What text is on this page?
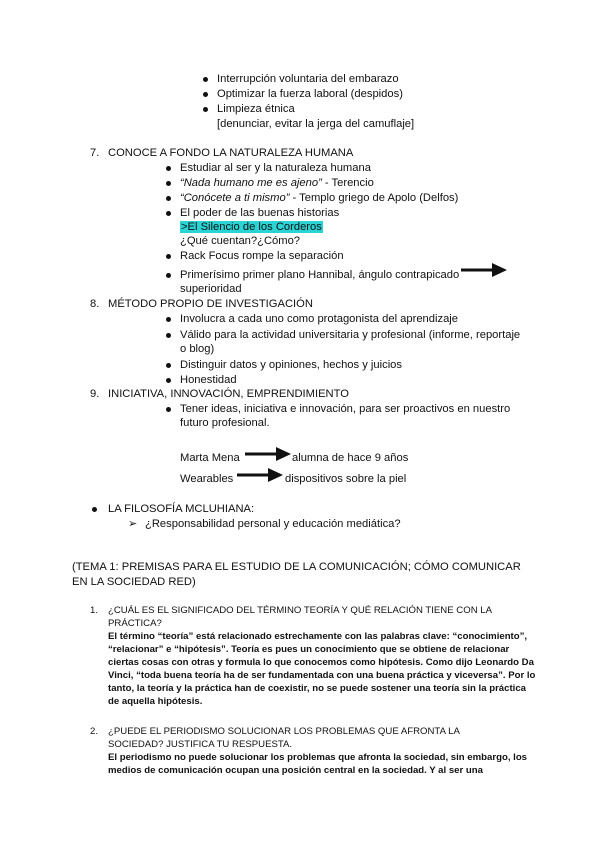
Interrupción voluntaria del embarazo
Optimizar la fuerza laboral (despidos)
Limpieza étnica
[denunciar, evitar la jerga del camuflaje]
7. CONOCE A FONDO LA NATURALEZA HUMANA
Estudiar al ser y la naturaleza humana
“Nada humano me es ajeno” - Terencio
“Conócete a ti mismo” - Templo griego de Apolo (Delfos)
El poder de las buenas historias
>El Silencio de los Corderos
¿Qué cuentan?¿Cómo?
Rack Focus rompe la separación
Primerísimo primer plano Hannibal, ángulo contrapicado
superioridad
8. MÉTODO PROPIO DE INVESTIGACIÓN
Involucra a cada uno como protagonista del aprendizaje
Válido para la actividad universitaria y profesional (informe, reportaje
o blog)
Distinguir datos y opiniones, hechos y juicios
Honestidad
9. INICIATIVA, INNOVACIÓN, EMPRENDIMIENTO
Tener ideas, iniciativa e innovación, para ser proactivos en nuestro
futuro profesional.
Marta Mena	alumna de hace 9 años
Wearables	dispositivos sobre la piel
LA FILOSOFÍA MCLUHIANA:
➢ ¿Responsabilidad personal y educación mediática?
(TEMA 1: PREMISAS PARA EL ESTUDIO DE LA COMUNICACIÓN; CÓMO COMUNICAR
EN LA SOCIEDAD RED)
1. ¿CUÁL ES EL SIGNIFICADO DEL TÉRMINO TEORÍA Y QUÉ RELACIÓN TIENE CON LA
PRÁCTICA?
El término “teoría” está relacionado estrechamente con las palabras clave: “conocimiento”,
“relacionar” e “hipótesis”. Teoría es pues un conocimiento que se obtiene de relacionar
ciertas cosas con otras y formula lo que conocemos como hipótesis. Como dijo Leonardo Da
Vinci, “toda buena teoría ha de ser fundamentada con una buena práctica y viceversa”. Por lo
tanto, la teoría y la práctica han de coexistir, no se puede sostener una teoría sin la práctica
de aquella hipótesis.
2. ¿PUEDE EL PERIODISMO SOLUCIONAR LOS PROBLEMAS QUE AFRONTA LA
SOCIEDAD? JUSTIFICA TU RESPUESTA.
El periodismo no puede solucionar los problemas que afronta la sociedad, sin embargo, los
medios de comunicación ocupan una posición central en la sociedad. Y al ser una
